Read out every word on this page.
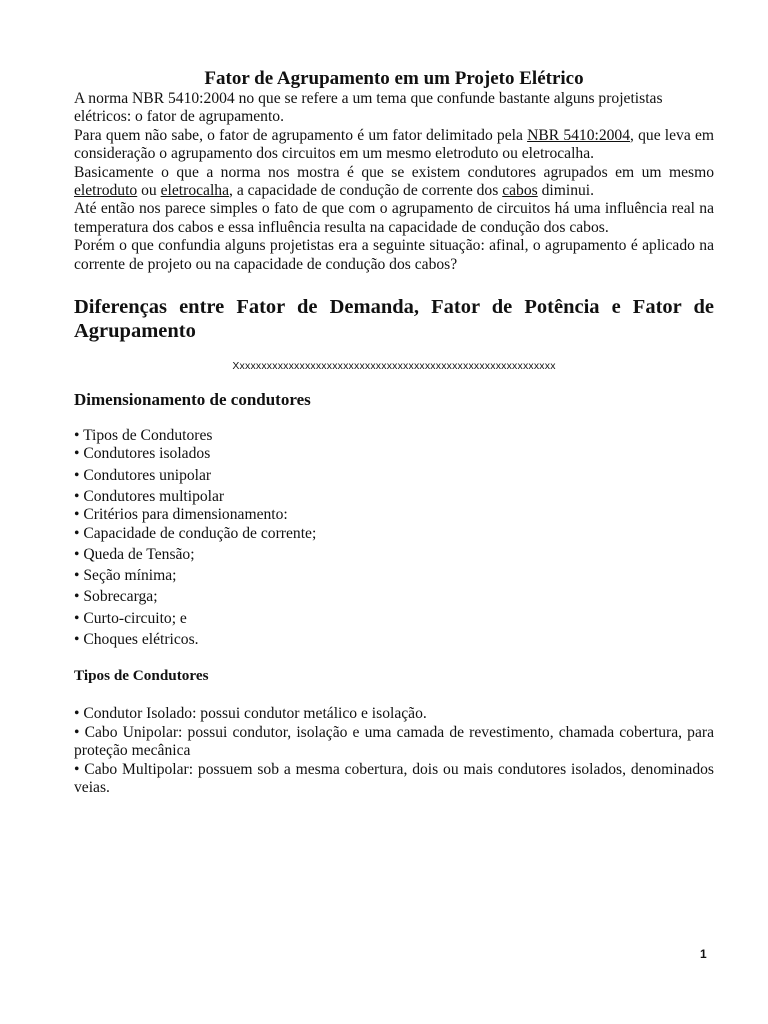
Fator de Agrupamento em um Projeto Elétrico

A norma NBR 5410:2004 no que se refere a um tema que confunde bastante alguns projetistas elétricos: o fator de agrupamento.

Para quem não sabe, o fator de agrupamento é um fator delimitado pela NBR 5410:2004, que leva em consideração o agrupamento dos circuitos em um mesmo eletroduto ou eletrocalha.

Basicamente o que a norma nos mostra é que se existem condutores agrupados em um mesmo eletroduto ou eletrocalha, a capacidade de condução de corrente dos cabos diminui.

Até então nos parece simples o fato de que com o agrupamento de circuitos há uma influência real na temperatura dos cabos e essa influência resulta na capacidade de condução dos cabos.

Porém o que confundia alguns projetistas era a seguinte situação: afinal, o agrupamento é aplicado na corrente de projeto ou na capacidade de condução dos cabos?

Diferenças entre Fator de Demanda, Fator de Potência e Fator de Agrupamento
Xxxxxxxxxxxxxxxxxxxxxxxxxxxxxxxxxxxxxxxxxxxxxxxxxxxxxxxxxxx
Dimensionamento de condutores
• Tipos de Condutores
• Condutores isolados
• Condutores unipolar
• Condutores multipolar
• Critérios para dimensionamento:
• Capacidade de condução de corrente;
• Queda de Tensão;
• Seção mínima;
• Sobrecarga;
• Curto-circuito; e
• Choques elétricos.
Tipos de Condutores
• Condutor Isolado: possui condutor metálico e isolação.
• Cabo Unipolar: possui condutor, isolação e uma camada de revestimento, chamada cobertura, para proteção mecânica
• Cabo Multipolar: possuem sob a mesma cobertura, dois ou mais condutores isolados, denominados veias.
1
